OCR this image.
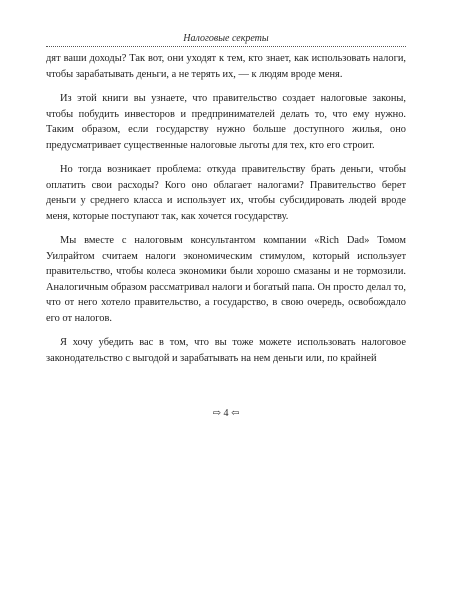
Налоговые секреты

дят ваши доходы? Так вот, они уходят к тем, кто знает, как использовать налоги, чтобы зарабатывать деньги, а не терять их, — к людям вроде меня.

Из этой книги вы узнаете, что правительство создает налоговые законы, чтобы побудить инвесторов и предпринимателей делать то, что ему нужно. Таким образом, если государству нужно больше доступного жилья, оно предусматривает существенные налоговые льготы для тех, кто его строит.

Но тогда возникает проблема: откуда правительству брать деньги, чтобы оплатить свои расходы? Кого оно облагает налогами? Правительство берет деньги у среднего класса и использует их, чтобы субсидировать людей вроде меня, которые поступают так, как хочется государству.

Мы вместе с налоговым консультантом компании «Rich Dad» Томом Уилрайтом считаем налоги экономическим стимулом, который использует правительство, чтобы колеса экономики были хорошо смазаны и не тормозили. Аналогичным образом рассматривал налоги и богатый папа. Он просто делал то, что от него хотело правительство, а государство, в свою очередь, освобождало его от налогов.

Я хочу убедить вас в том, что вы тоже можете использовать налоговое законодательство с выгодой и зарабатывать на нем деньги или, по крайней

⇨ 4 ⇦
